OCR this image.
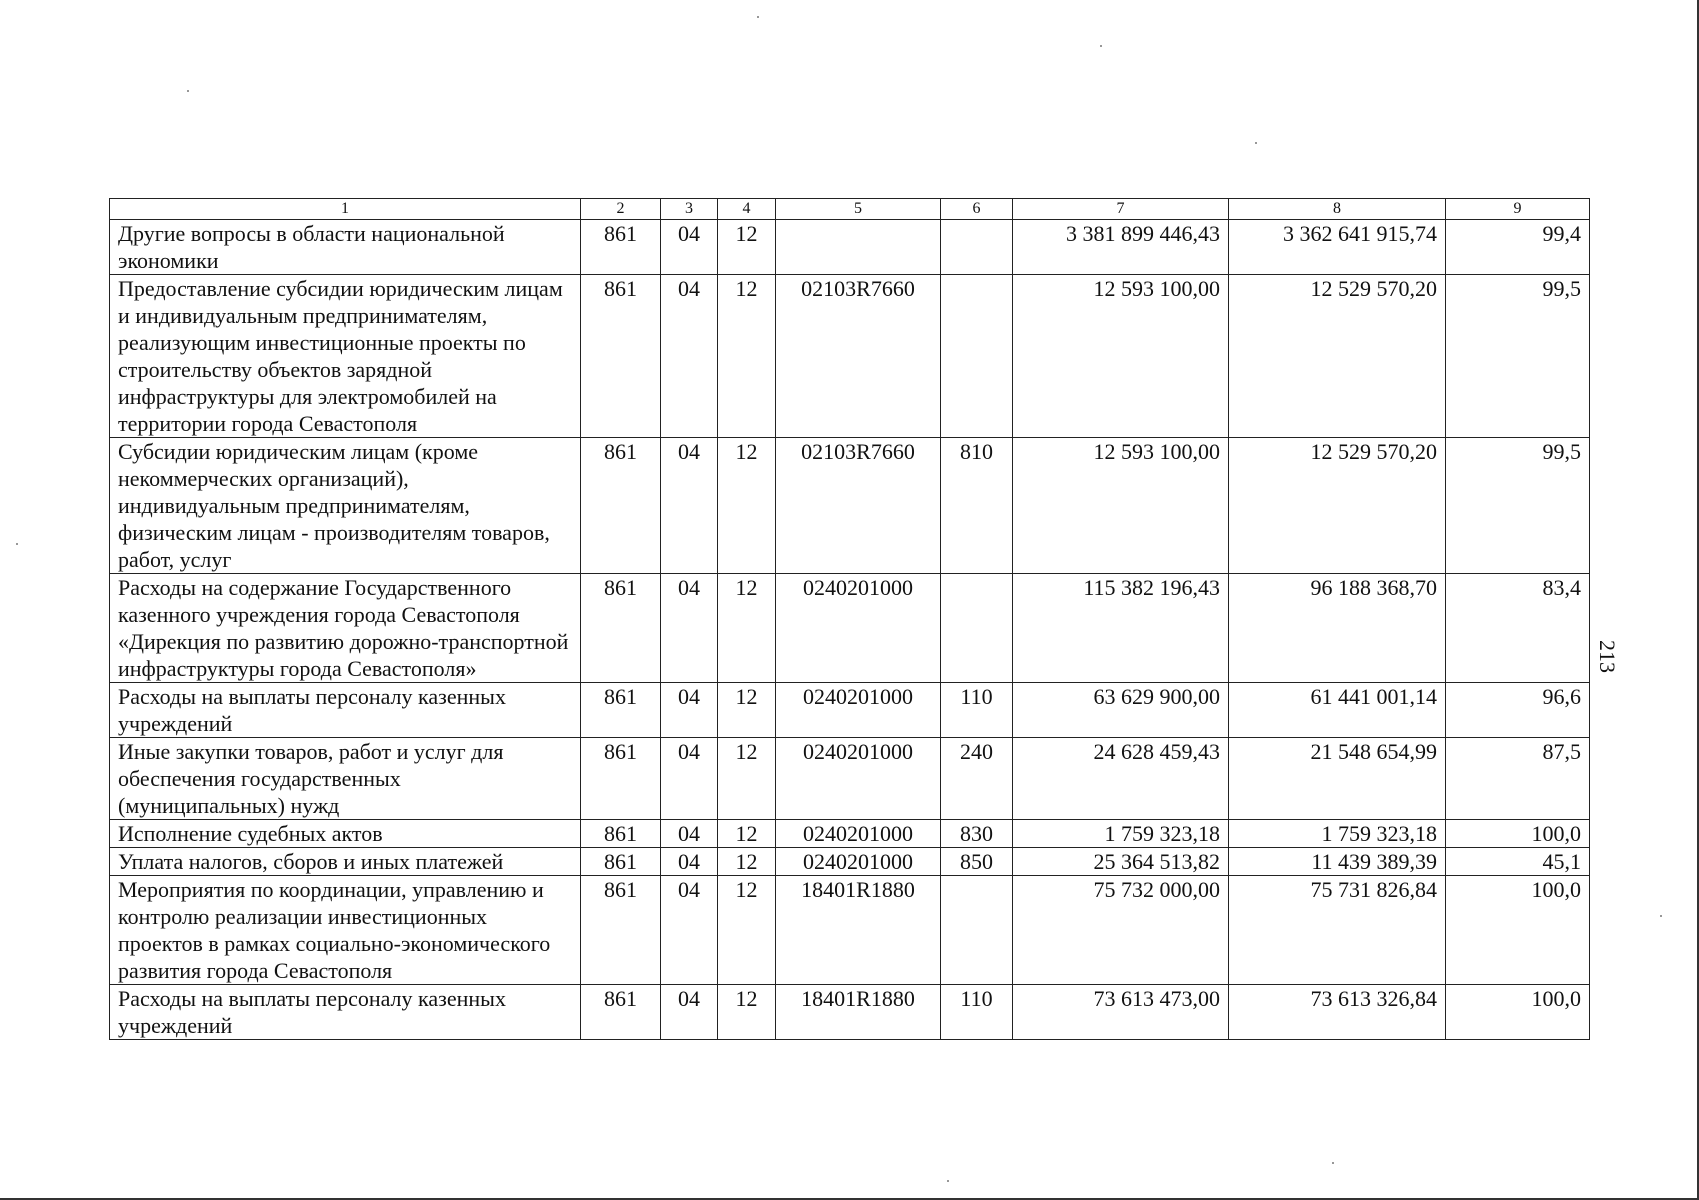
213
1	2	3	4	5	6	7	8	9
Другие вопросы в области национальной экономики	861	04	12			3 381 899 446,43	3 362 641 915,74	99,4
Предоставление субсидии юридическим лицам и индивидуальным предпринимателям, реализующим инвестиционные проекты по строительству объектов зарядной инфраструктуры для электромобилей на территории города Севастополя	861	04	12	02103R7660		12 593 100,00	12 529 570,20	99,5
Субсидии юридическим лицам (кроме некоммерческих организаций), индивидуальным предпринимателям, физическим лицам - производителям товаров, работ, услуг	861	04	12	02103R7660	810	12 593 100,00	12 529 570,20	99,5
Расходы на содержание Государственного казенного учреждения города Севастополя «Дирекция по развитию дорожно-транспортной инфраструктуры города Севастополя»	861	04	12	0240201000		115 382 196,43	96 188 368,70	83,4
Расходы на выплаты персоналу казенных учреждений	861	04	12	0240201000	110	63 629 900,00	61 441 001,14	96,6
Иные закупки товаров, работ и услуг для обеспечения государственных (муниципальных) нужд	861	04	12	0240201000	240	24 628 459,43	21 548 654,99	87,5
Исполнение судебных актов	861	04	12	0240201000	830	1 759 323,18	1 759 323,18	100,0
Уплата налогов, сборов и иных платежей	861	04	12	0240201000	850	25 364 513,82	11 439 389,39	45,1
Мероприятия по координации, управлению и контролю реализации инвестиционных проектов в рамках социально-экономического развития города Севастополя	861	04	12	18401R1880		75 732 000,00	75 731 826,84	100,0
Расходы на выплаты персоналу казенных учреждений	861	04	12	18401R1880	110	73 613 473,00	73 613 326,84	100,0
